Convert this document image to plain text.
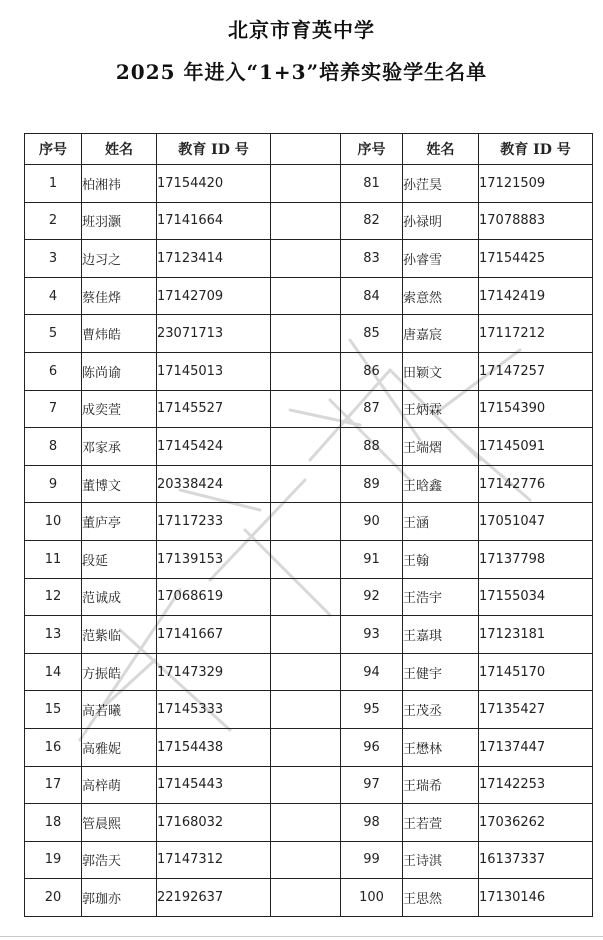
北京市育英中学
2025 年进入“1+3”培养实验学生名单
序号	姓名	教育 ID 号		序号	姓名	教育 ID 号
1	柏湘祎	17154420		81	孙茳昊	17121509
2	班羽灏	17141664		82	孙禄明	17078883
3	边习之	17123414		83	孙睿雪	17154425
4	蔡佳烨	17142709		84	索意然	17142419
5	曹炜皓	23071713		85	唐嘉宸	17117212
6	陈尚谕	17145013		86	田颖文	17147257
7	成奕萱	17145527		87	王炳霖	17154390
8	邓家承	17145424		88	王端熠	17145091
9	董博文	20338424		89	王晗鑫	17142776
10	董庐亭	17117233		90	王涵	17051047
11	段延	17139153		91	王翰	17137798
12	范诚成	17068619		92	王浩宇	17155034
13	范紫临	17141667		93	王嘉琪	17123181
14	方振皓	17147329		94	王健宇	17145170
15	高若曦	17145333		95	王茂丞	17135427
16	高雅妮	17154438		96	王懋林	17137447
17	高梓萌	17145443		97	王瑞希	17142253
18	管晨熙	17168032		98	王若萱	17036262
19	郭浩天	17147312		99	王诗淇	16137337
20	郭珈亦	22192637		100	王思然	17130146
